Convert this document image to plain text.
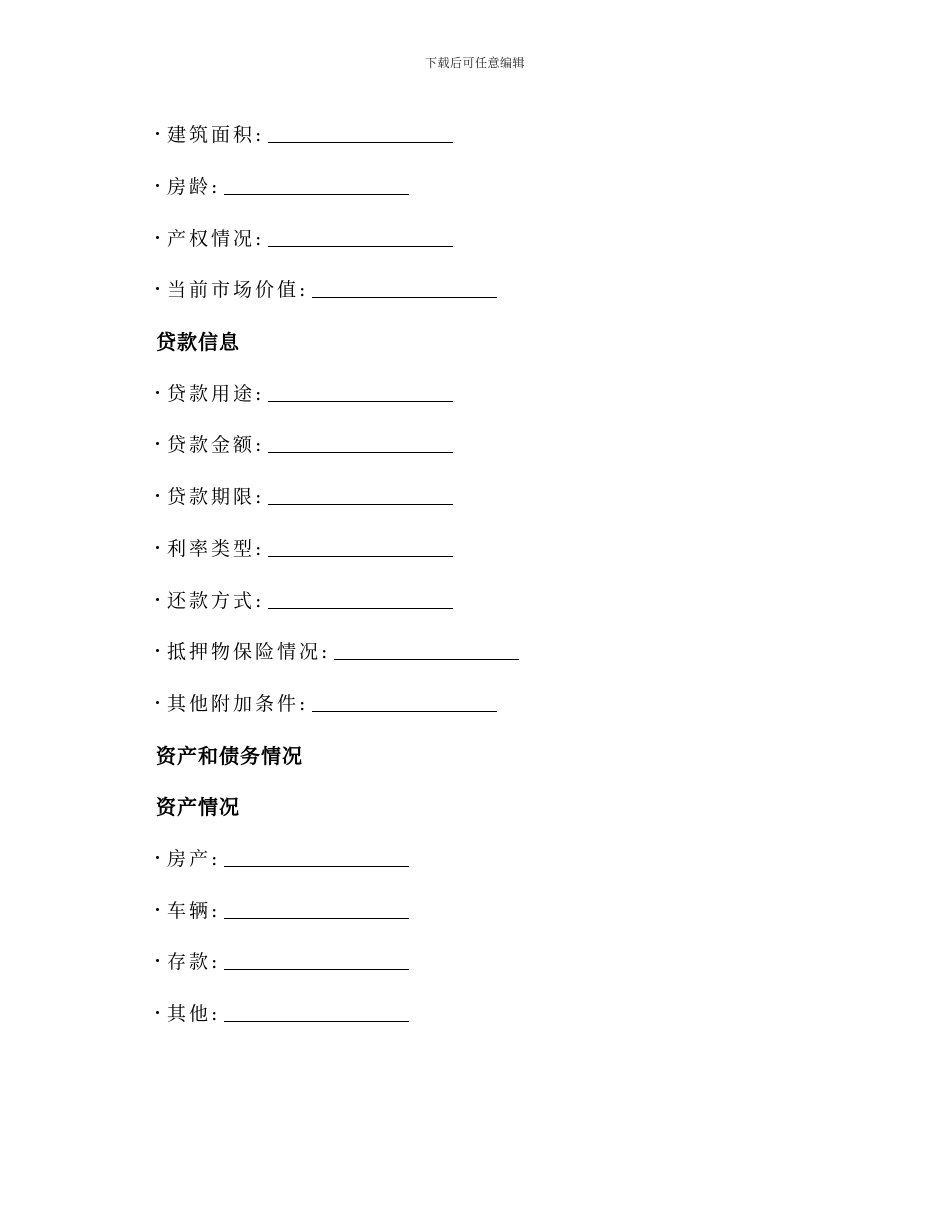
下载后可任意编辑
建筑面积:
房龄:
产权情况:
当前市场价值:
贷款信息
贷款用途:
贷款金额:
贷款期限:
利率类型:
还款方式:
抵押物保险情况:
其他附加条件:
资产和债务情况
资产情况
房产:
车辆:
存款:
其他:
